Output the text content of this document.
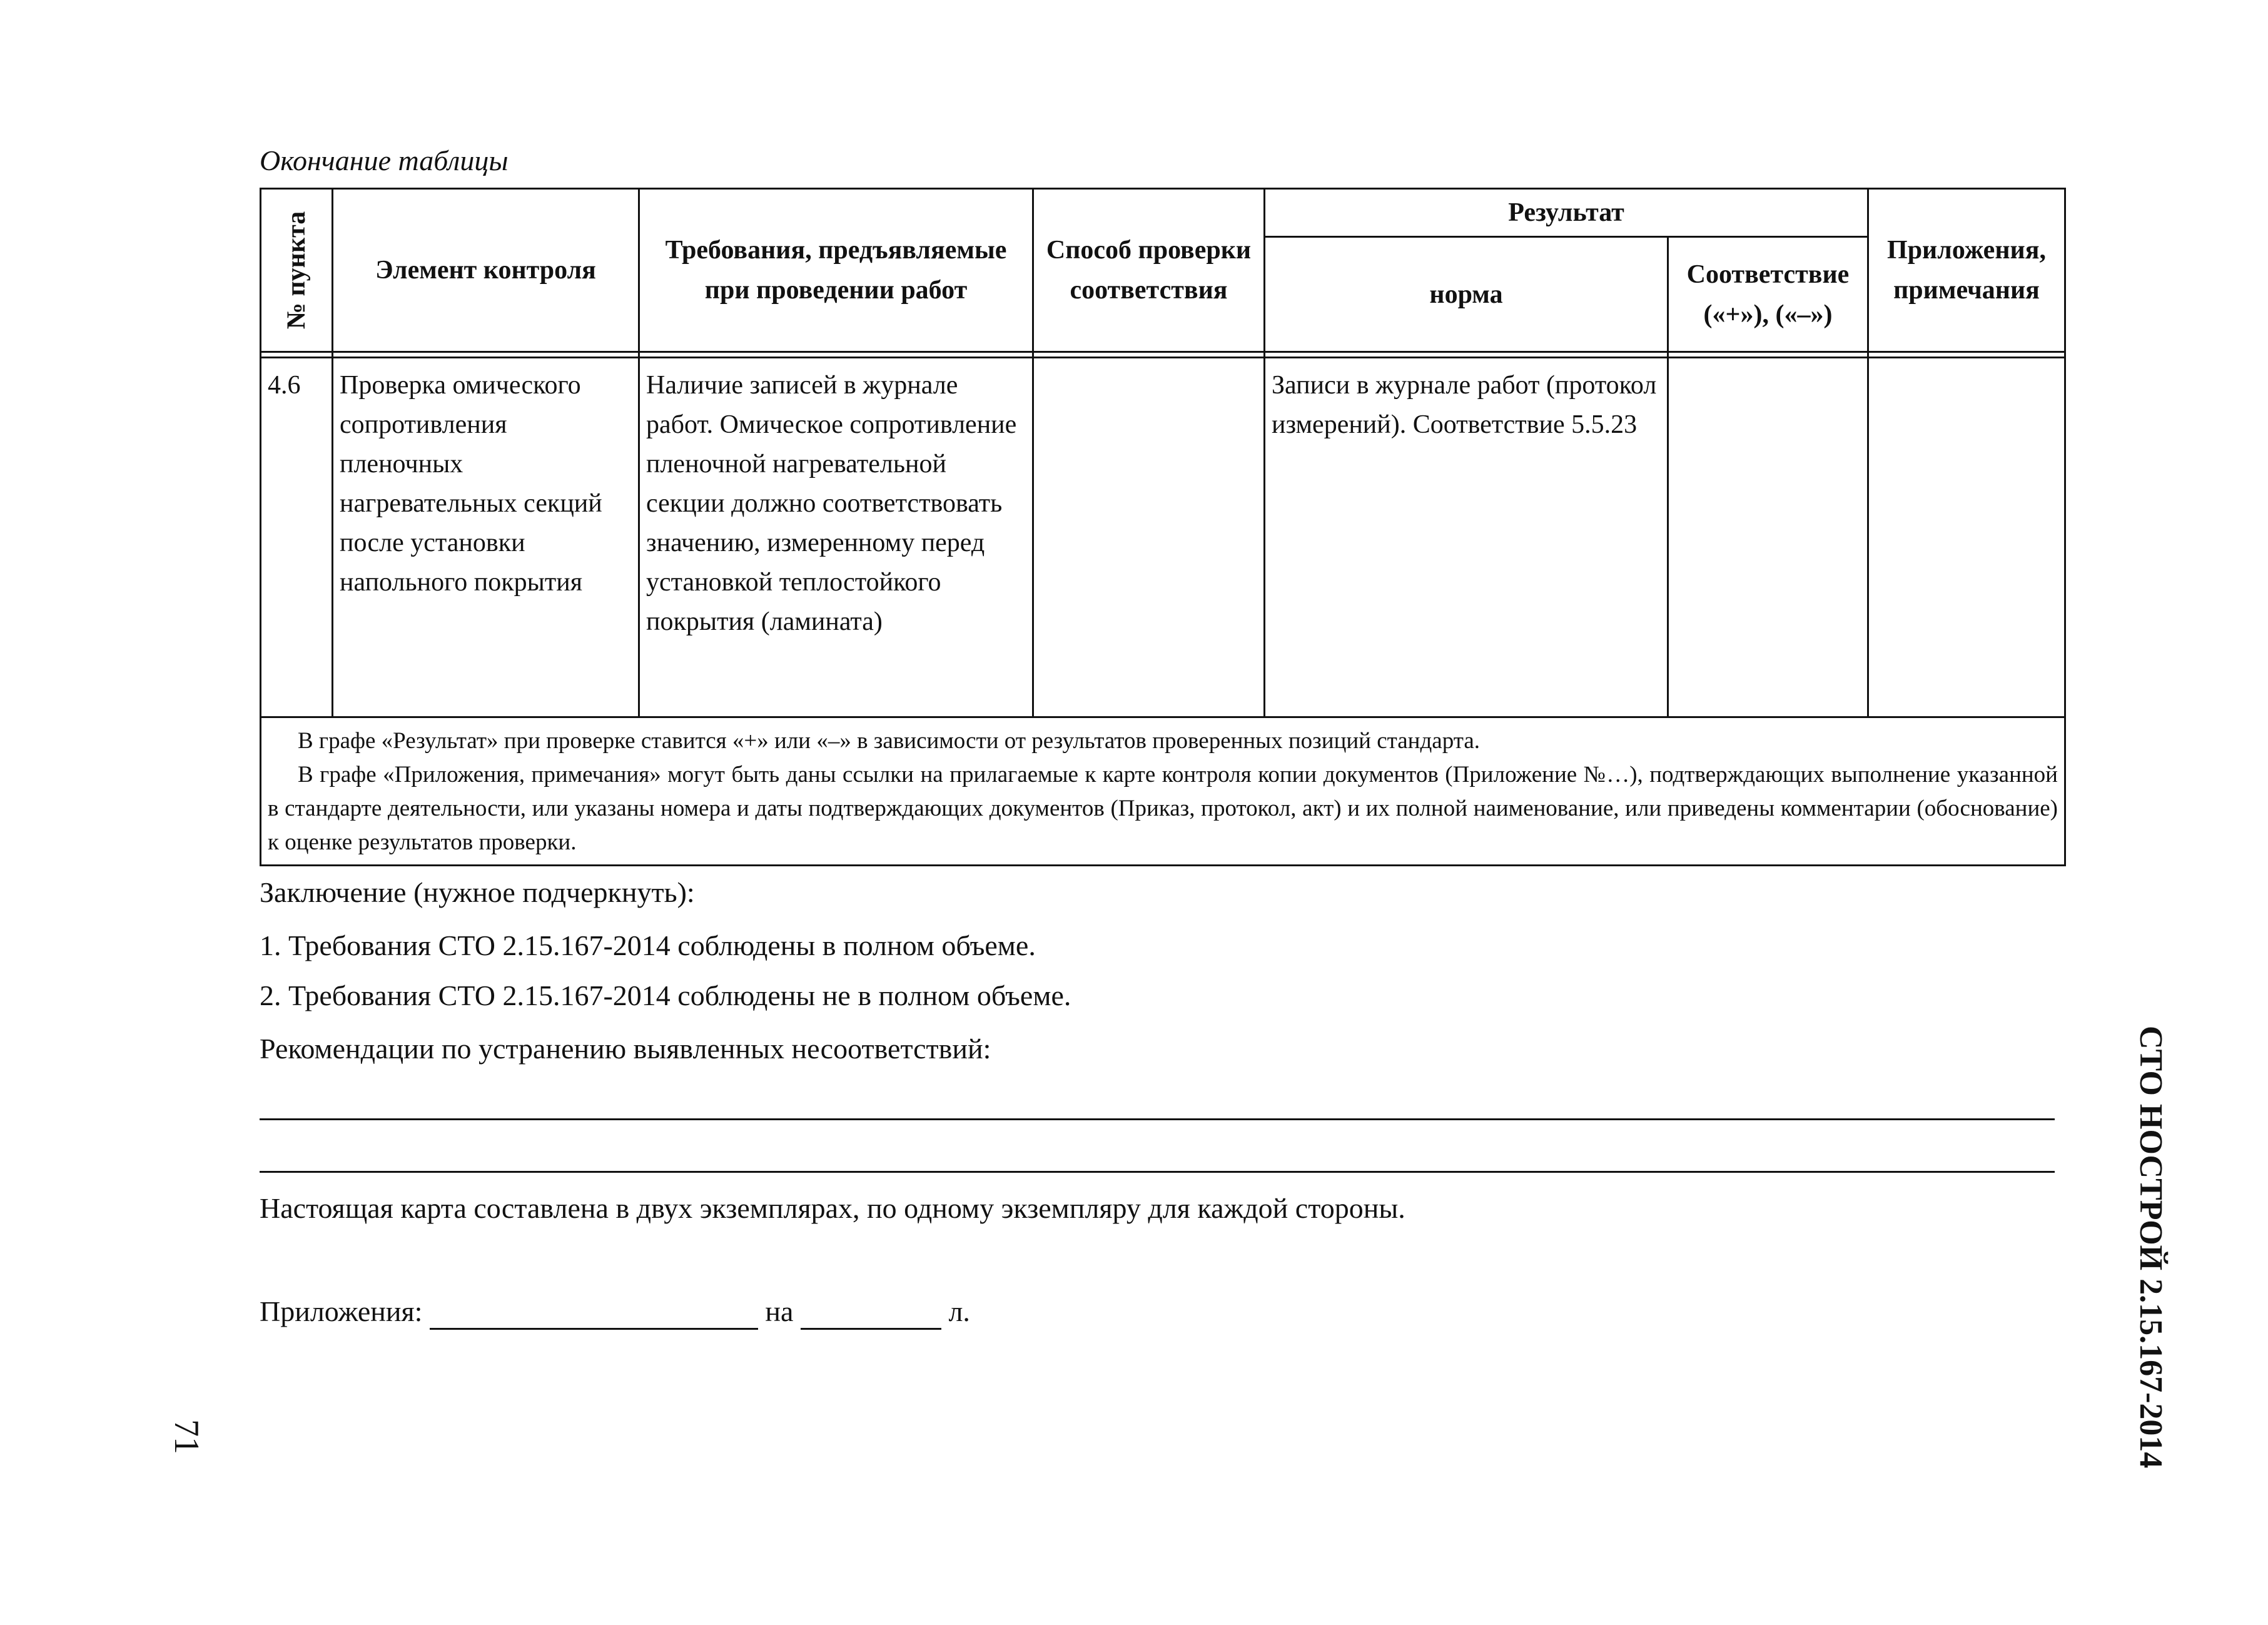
Окончание таблицы
№ пункта	Элемент контроля	Требования, предъявляемые при проведении работ	Способ проверки соответствия	Результат		Приложения, примечания
				норма	Соответствие («+»), («–»)	

4.6	Проверка омического сопротивления пленочных нагревательных секций после установки напольного покрытия	Наличие записей в журнале работ. Омическое сопротивление пленочной нагревательной секции должно соответствовать значению, измеренному перед установкой теплостойкого покрытия (ламината)		Записи в журнале работ (протокол измерений). Соответствие 5.5.23		

В графе «Результат» при проверке ставится «+» или «–» в зависимости от результатов проверенных позиций стандарта.

В графе «Приложения, примечания» могут быть даны ссылки на прилагаемые к карте контроля копии документов (Приложение №…), подтверждающих выполнение указанной в стандарте деятельности, или указаны номера и даты подтверждающих документов (Приказ, протокол, акт) и их полной наименование, или приведены комментарии (обоснование) к оценке результатов проверки.						

Заключение (нужное подчеркнуть):
1. Требования СТО 2.15.167-2014 соблюдены в полном объеме.
2. Требования СТО 2.15.167-2014 соблюдены не в полном объеме.
Рекомендации по устранению выявленных несоответствий:
Настоящая карта составлена в двух экземплярах, по одному экземпляру для каждой стороны.
Приложения:	на	л.	СТО НОСТРОЙ 2.15.167-2014
71
